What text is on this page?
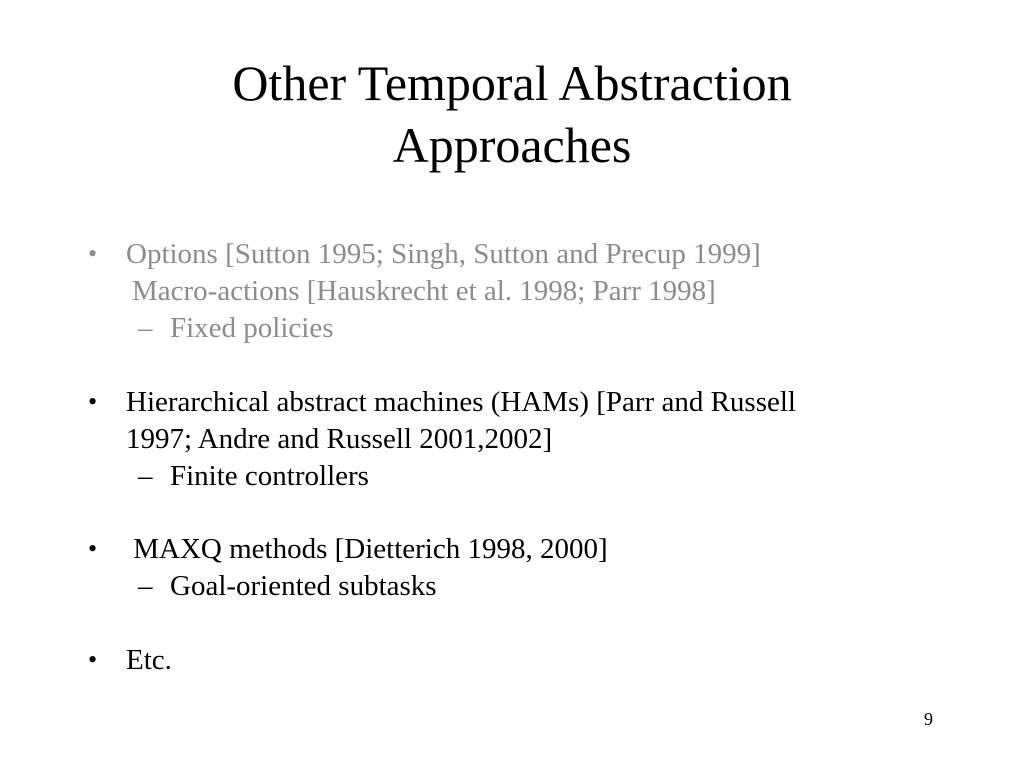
Other Temporal Abstraction
Approaches
• Options [Sutton 1995; Singh, Sutton and Precup 1999]
Macro-actions [Hauskrecht et al. 1998; Parr 1998]
– Fixed policies
• Hierarchical abstract machines (HAMs) [Parr and Russell
1997; Andre and Russell 2001,2002]
– Finite controllers
• MAXQ methods [Dietterich 1998, 2000]
– Goal-oriented subtasks
• Etc.
9
